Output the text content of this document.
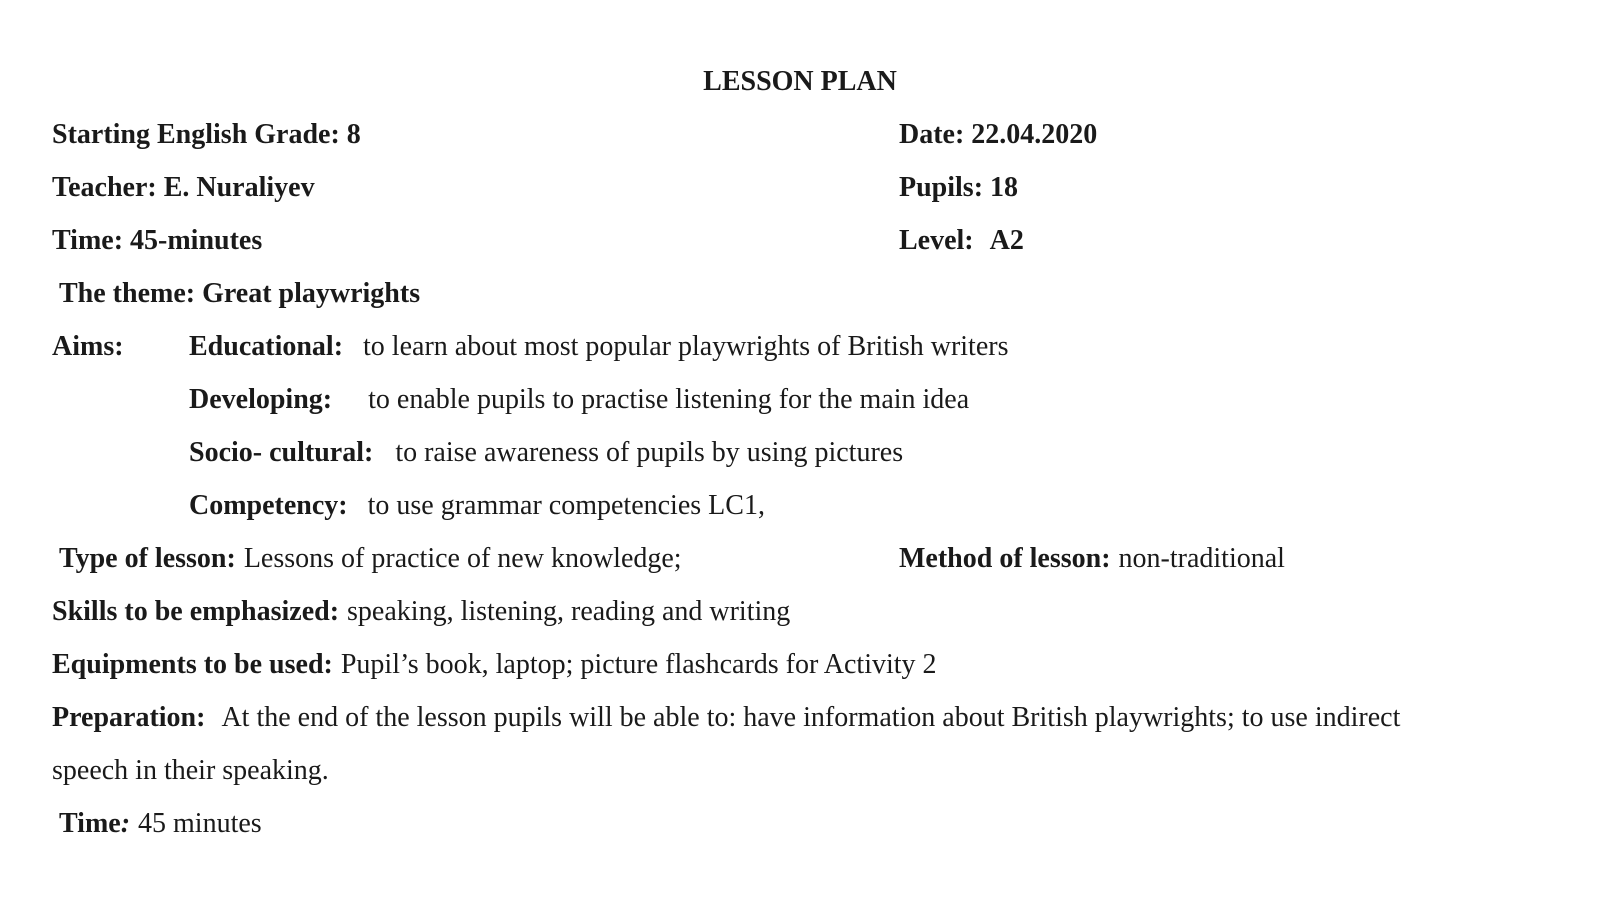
LESSON PLAN
Starting English Grade: 8	Date: 22.04.2020
Teacher: E. Nuraliyev	Pupils: 18
Time: 45-minutes	Level: A2
The theme: Great playwrights
Aims: Educational: to learn about most popular playwrights of British writers
Developing: to enable pupils to practise listening for the main idea
Socio- cultural: to raise awareness of pupils by using pictures
Competency: to use grammar competencies LC1,
Type of lesson: Lessons of practice of new knowledge;	Method of lesson: non-traditional
Skills to be emphasized: speaking, listening, reading and writing
Equipments to be used: Pupil’s book, laptop; picture flashcards for Activity 2
Preparation: At the end of the lesson pupils will be able to: have information about British playwrights; to use indirect
speech in their speaking.
Time: 45 minutes
